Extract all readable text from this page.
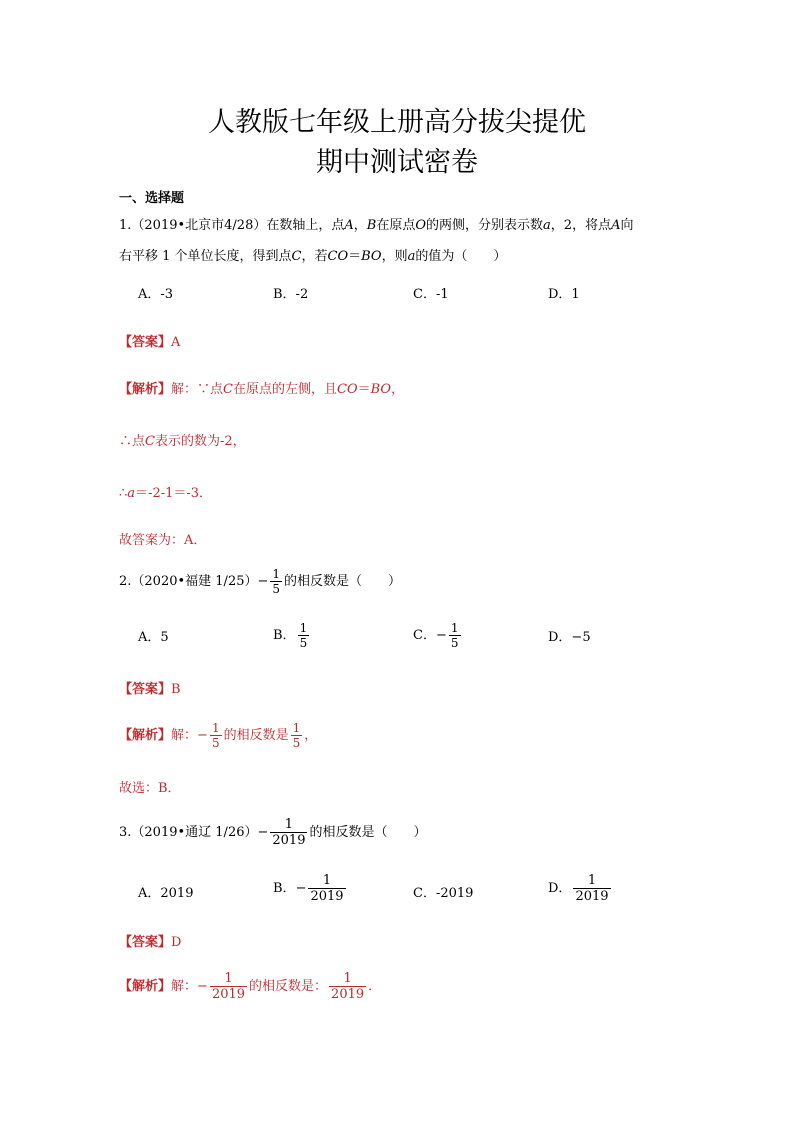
人教版七年级上册高分拔尖提优
期中测试密卷
一、选择题
1.（2019•北京市4/28）在数轴上，点A，B在原点O的两侧，分别表示数a，2，将点A向
右平移 1 个单位长度，得到点C，若CO＝BO，则a的值为（　　）
A．-3	B．-2	C．-1	D．1
【答案】A
【解析】解：∵点C在原点的左侧，且CO＝BO，
∴点C表示的数为-2，
∴a＝-2-1＝-3．
故答案为：A．
2.（2020•福建 $1/25)- \frac{1}{5}$ 的相反数是（　　）
A．5	B． $\frac{1}{5}$	C．− $\frac{1}{5}$	D．−5
【答案】B
【解析】解：− $\frac{1}{5}$ 的相反数是 $\frac{1}{5}$ ，
故选：B．
3.（2019•通辽 $1/26)- \frac{1}{2019}$ 的相反数是（　　）
A．2019	B．− $\frac{1}{2019}$	C．-2019	D． $\frac{1}{2019}$
【答案】D
【解析】解：− $\frac{1}{2019}$ 的相反数是： $\frac{1}{2019}$ ．
